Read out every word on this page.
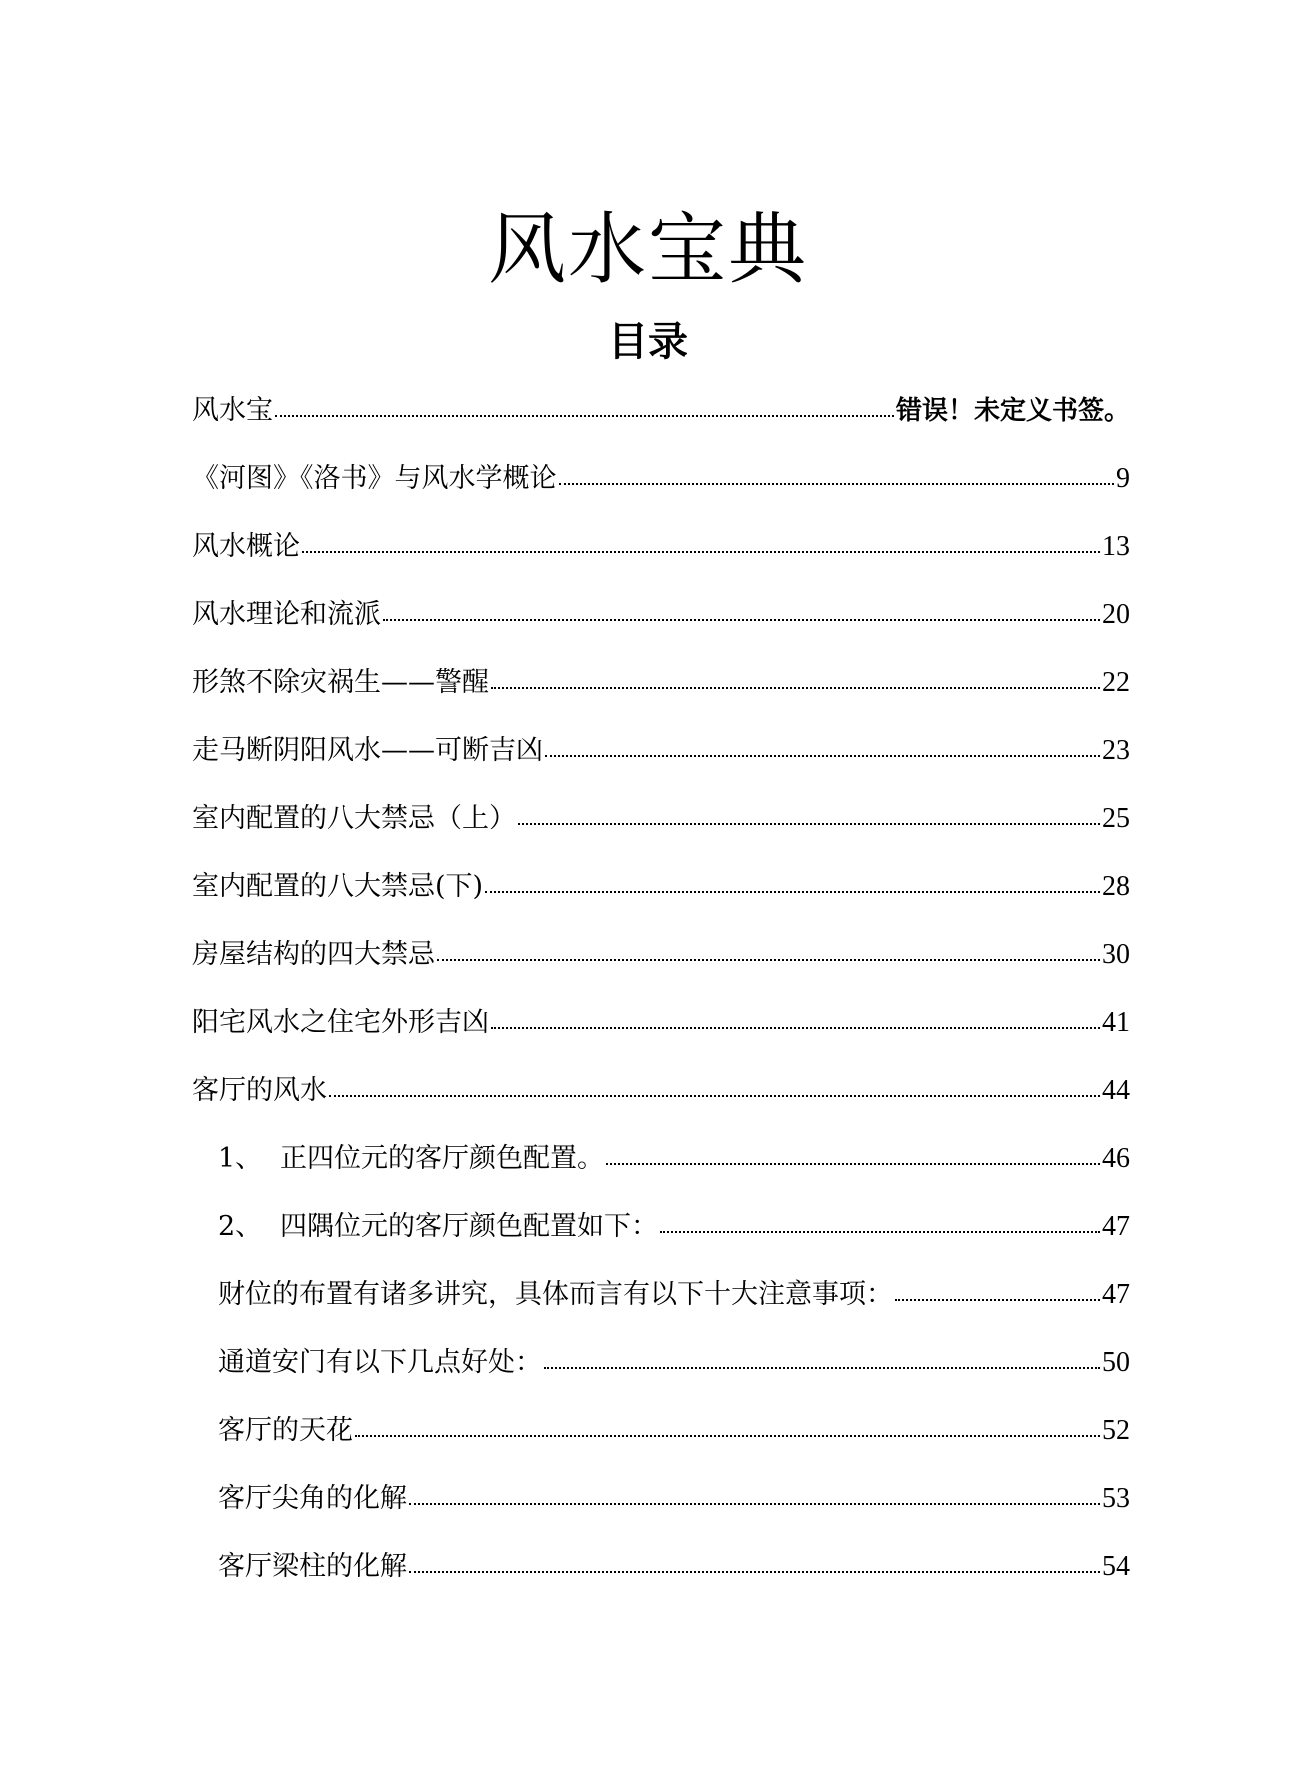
风水宝典
目录
风水宝	错误！未定义书签。
《河图》《洛书》与风水学概论	9
风水概论	13
风水理论和流派	20
形煞不除灾祸生——警醒	22
走马断阴阳风水——可断吉凶	23
室内配置的八大禁忌（上）	25
室内配置的八大禁忌(下)	28
房屋结构的四大禁忌	30
阳宅风水之住宅外形吉凶	41
客厅的风水	44
1、 正四位元的客厅颜色配置。	46
2、 四隅位元的客厅颜色配置如下：	47
财位的布置有诸多讲究，具体而言有以下十大注意事项：	47
通道安门有以下几点好处：	50
客厅的天花	52
客厅尖角的化解	53
客厅梁柱的化解	54
